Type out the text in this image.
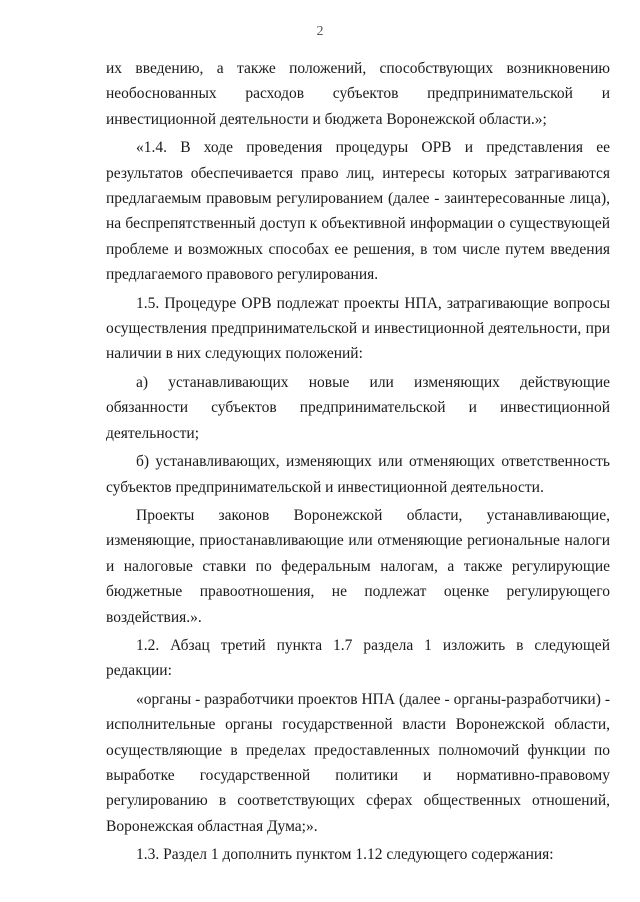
2

их введению, а также положений, способствующих возникновению необоснованных расходов субъектов предпринимательской и инвестиционной деятельности и бюджета Воронежской области.»;

«1.4. В ходе проведения процедуры ОРВ и представления ее результатов обеспечивается право лиц, интересы которых затрагиваются предлагаемым правовым регулированием (далее - заинтересованные лица), на беспрепятственный доступ к объективной информации о существующей проблеме и возможных способах ее решения, в том числе путем введения предлагаемого правового регулирования.

1.5. Процедуре ОРВ подлежат проекты НПА, затрагивающие вопросы осуществления предпринимательской и инвестиционной деятельности, при наличии в них следующих положений:

а) устанавливающих новые или изменяющих действующие обязанности субъектов предпринимательской и инвестиционной деятельности;

б) устанавливающих, изменяющих или отменяющих ответственность субъектов предпринимательской и инвестиционной деятельности.

Проекты законов Воронежской области, устанавливающие, изменяющие, приостанавливающие или отменяющие региональные налоги и налоговые ставки по федеральным налогам, а также регулирующие бюджетные правоотношения, не подлежат оценке регулирующего воздействия.».

1.2. Абзац третий пункта 1.7 раздела 1 изложить в следующей редакции:

«органы - разработчики проектов НПА (далее - органы-разработчики) - исполнительные органы государственной власти Воронежской области, осуществляющие в пределах предоставленных полномочий функции по выработке государственной политики и нормативно-правовому регулированию в соответствующих сферах общественных отношений, Воронежская областная Дума;».

1.3. Раздел 1 дополнить пунктом 1.12 следующего содержания:
